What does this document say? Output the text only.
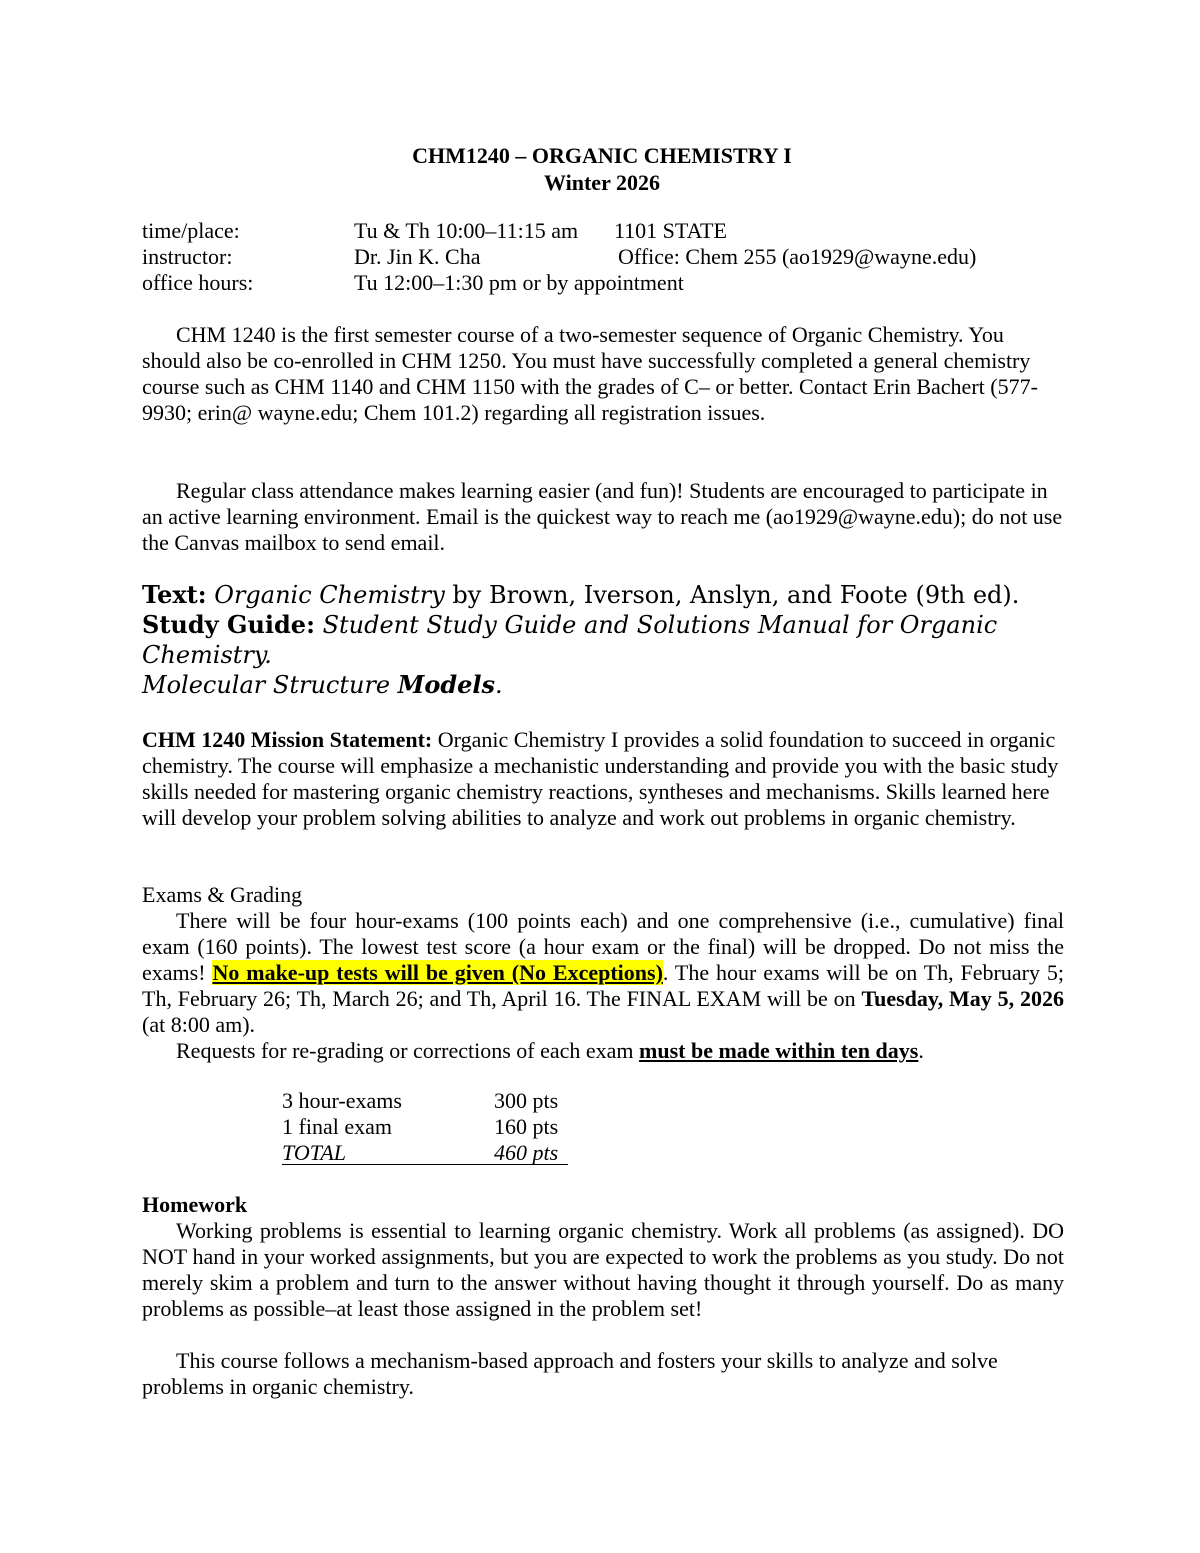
CHM1240 – ORGANIC CHEMISTRY I
Winter 2026
time/place:	Tu & Th 10:00–11:15 am 1101 STATE
instructor:	Dr. Jin K. Cha	Office: Chem 255 (ao1929@wayne.edu)
office hours:	Tu 12:00–1:30 pm or by appointment
CHM 1240 is the first semester course of a two-semester sequence of Organic Chemistry. You should also be co-enrolled in CHM 1250. You must have successfully completed a general chemistry course such as CHM 1140 and CHM 1150 with the grades of C– or better. Contact Erin Bachert (577-9930; erin@ wayne.edu; Chem 101.2) regarding all registration issues.
Regular class attendance makes learning easier (and fun)! Students are encouraged to participate in an active learning environment. Email is the quickest way to reach me (ao1929@wayne.edu); do not use the Canvas mailbox to send email.
Text: Organic Chemistry by Brown, Iverson, Anslyn, and Foote (9th ed).
Study Guide: Student Study Guide and Solutions Manual for Organic
Chemistry.
Molecular Structure Models.
CHM 1240 Mission Statement: Organic Chemistry I provides a solid foundation to succeed in organic chemistry. The course will emphasize a mechanistic understanding and provide you with the basic study skills needed for mastering organic chemistry reactions, syntheses and mechanisms. Skills learned here will develop your problem solving abilities to analyze and work out problems in organic chemistry.
Exams & Grading
There will be four hour-exams (100 points each) and one comprehensive (i.e., cumulative) final exam (160 points). The lowest test score (a hour exam or the final) will be dropped. Do not miss the exams! No make-up tests will be given (No Exceptions). The hour exams will be on Th, February 5; Th, February 26; Th, March 26; and Th, April 16. The FINAL EXAM will be on Tuesday, May 5, 2026 (at 8:00 am).
Requests for re-grading or corrections of each exam must be made within ten days.
3 hour-exams	300 pts
1 final exam	160 pts
TOTAL	460 pts
Homework
Working problems is essential to learning organic chemistry. Work all problems (as assigned). DO NOT hand in your worked assignments, but you are expected to work the problems as you study. Do not merely skim a problem and turn to the answer without having thought it through yourself. Do as many problems as possible–at least those assigned in the problem set!
This course follows a mechanism-based approach and fosters your skills to analyze and solve problems in organic chemistry.
